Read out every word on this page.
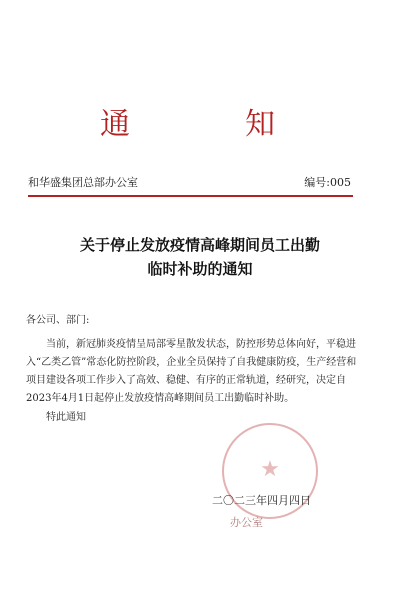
通	知
和华盛集团总部办公室	编号:005
关于停止发放疫情高峰期间员工出勤
临时补助的通知

各公司、部门:

当前，新冠肺炎疫情呈局部零星散发状态，防控形势总体向好，平稳进入“乙类乙管”常态化防控阶段，企业全员保持了自我健康防疫，生产经营和项目建设各项工作步入了高效、稳健、有序的正常轨道，经研究，决定自2023年4月1日起停止发放疫情高峰期间员工出勤临时补助。

特此通知

★
二〇二三年四月四日
办公室
